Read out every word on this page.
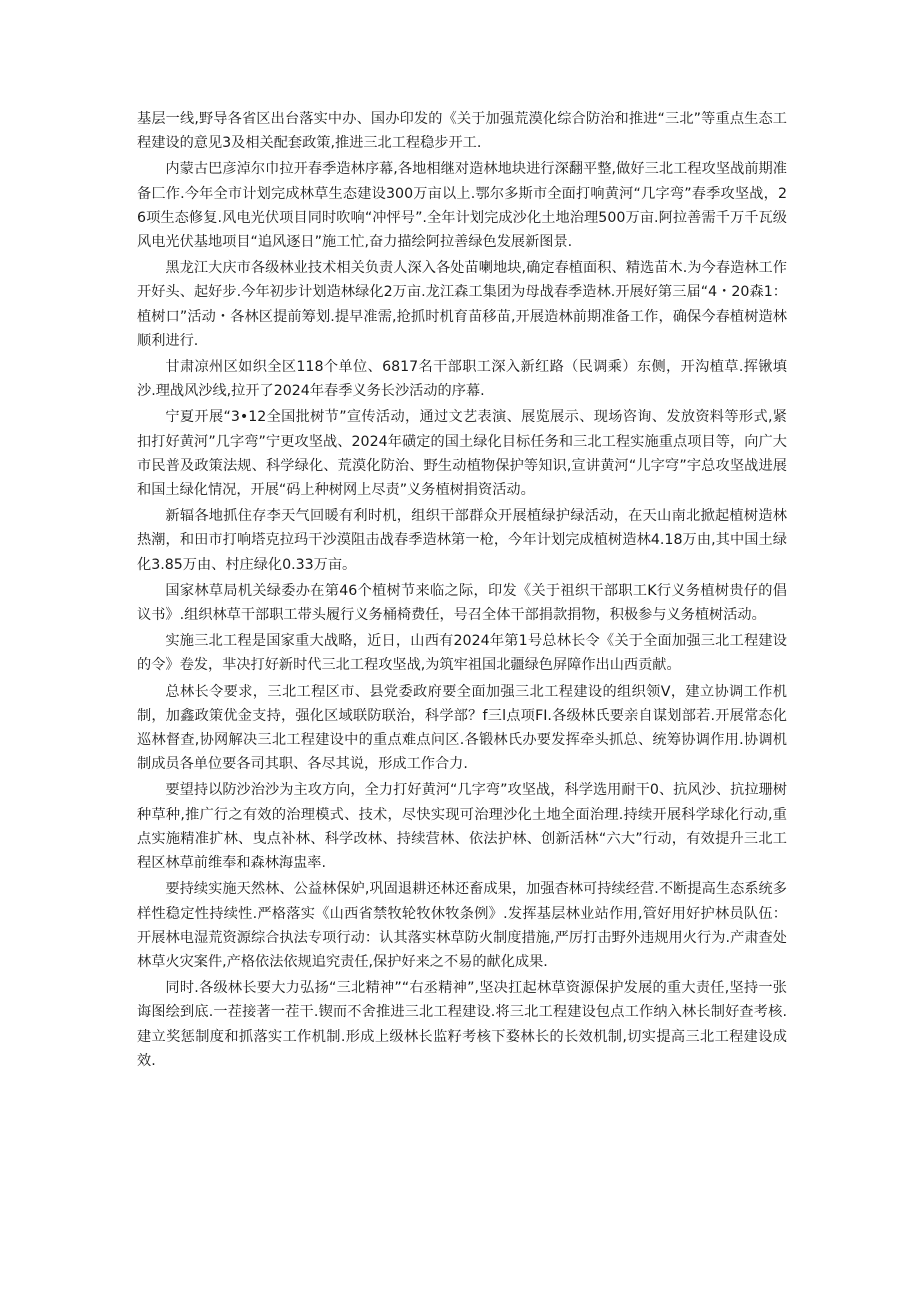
基层一线,野导各省区出台落实中办、国办印发的《关于加强荒漠化综合防治和推进“三北”等重点生态工程建设的意见3及相关配套政策,推进三北工程稳步开工.

内蒙古巴彦淖尔巾拉开春季造林序幕,各地相继对造林地块进行深翻平整,做好三北工程攻坚战前期准备匚作.今年全市计划完成林草生态建设300万亩以上.鄂尔多斯市全面打响黄河“几字弯”春季攻坚战，26项生态修复.风电光伏项目同时吹响“冲怦号”.全年计划完成沙化土地治理500万亩.阿拉善需千万千瓦级风电光伏基地项目“追风逐日”施工忙,奋力描绘阿拉善绿色发展新图景.

黑龙江大庆市各级林业技术相关负责人深入各处苗喇地块,确定春植面积、精选苗木.为今春造林工作开好头、起好步.今年初步计划造林绿化2万亩.龙江森工集团为母战春季造林.开展好第三届“4・20森1：植树口”活动・各林区提前筹划.提早准需,抢抓时机育苗移苗,开展造林前期准备工作，确保今春植树造林顺利进行.

甘肃凉州区如织全区118个单位、6817名干部职工深入新红路（民调乘）东侧，开沟植草.挥锹填沙.理战风沙线,拉开了2024年春季义务长沙活动的序幕.

宁夏开展“3•12全国批树节”宣传活动，通过文艺表演、展览展示、现场咨询、发放资料等形式,紧扣打好黄河”几字弯”宁更攻坚战、2024年磺定的国土绿化目标任务和三北工程实施重点项目等，向广大市民普及政策法规、科学绿化、荒漠化防治、野生动植物保护等知识,宣讲黄河“儿字穹”宇总攻坚战进展和国土绿化情况，开展“码上种树网上尽责”义务植树捐资活动。

新辐各地抓住存李天气回暖有利时机，组织干部群众开展植绿护绿活动，在天山南北掀起植树造林热潮，和田市打响塔克拉玛干沙漠阻击战春季造林第一枪，今年计划完成植树造林4.18万由,其中国土绿化3.85万由、村庄绿化0.33万亩。

国家林草局机关绿委办在第46个植树节来临之际，印发《关于祖织干部职工K行义务植树贵仔的倡议书》.组织林草干部职工带头履行义务桶椅费任，号召全体干部捐款捐物，积极参与义务植树活动。

实施三北工程是国家重大战略，近日，山西有2024年第1号总林长令《关于全面加强三北工程建设的令》卷发，芈决打好新时代三北工程攻坚战,为筑牢祖国北疆绿色屏障作出山西贡献。

总林长令要求，三北工程区市、县党委政府要全面加强三北工程建设的组织领V，建立协调工作机制，加鑫政策优金支持，强化区域联防联治，科学部？f三l点项FI.各级林氏要亲自谋划部若.开展常态化巡林督查,协网解决三北工程建设中的重点难点问区.各锻林氏办要发挥牵头抓总、统筹协调作用.协调机制成员各单位要各司其职、各尽其说，形成工作合力.

要望持以防沙治沙为主攻方向，全力打好黄河“几字弯”攻坚战，科学选用耐干0、抗风沙、抗拉珊树种草种,推广行之有效的治理模式、技术，尽快实现可治理沙化土地全面治理.持续开展科学球化行动,重点实施精准扩林、曳点补林、科学改林、持续营林、依法护林、创新活林“六大”行动，有效提升三北工程区林草前维奉和森林海盅率.

要持续实施天然林、公益林保妒,巩固退耕还林还畜成果，加强杳林可持续经营.不断提高生态系统多样性稳定性持续性.严格落实《山西省禁牧轮牧休牧条例》.发挥基层林业站作用,管好用好护林员队伍：开展林电湿荒资源综合执法专项行动：认其落实林草防火制度措施,严厉打击野外违规用火行为.产肃查处林草火灾案件,产格依法依规追究责任,保护好来之不易的献化成果.

同时.各级林长要大力弘扬“三北精神”“右丞精神”,坚决扛起林草资源保护发展的重大责任,坚持一张诲图绘到底.一茬接著一茬干.锲而不舍推进三北工程建设.将三北工程建设包点工作纳入林长制好查考核.建立奖惩制度和抓落实工作机制.形成上级林长监籽考核下婺林长的长效机制,切实提高三北工程建设成效.
